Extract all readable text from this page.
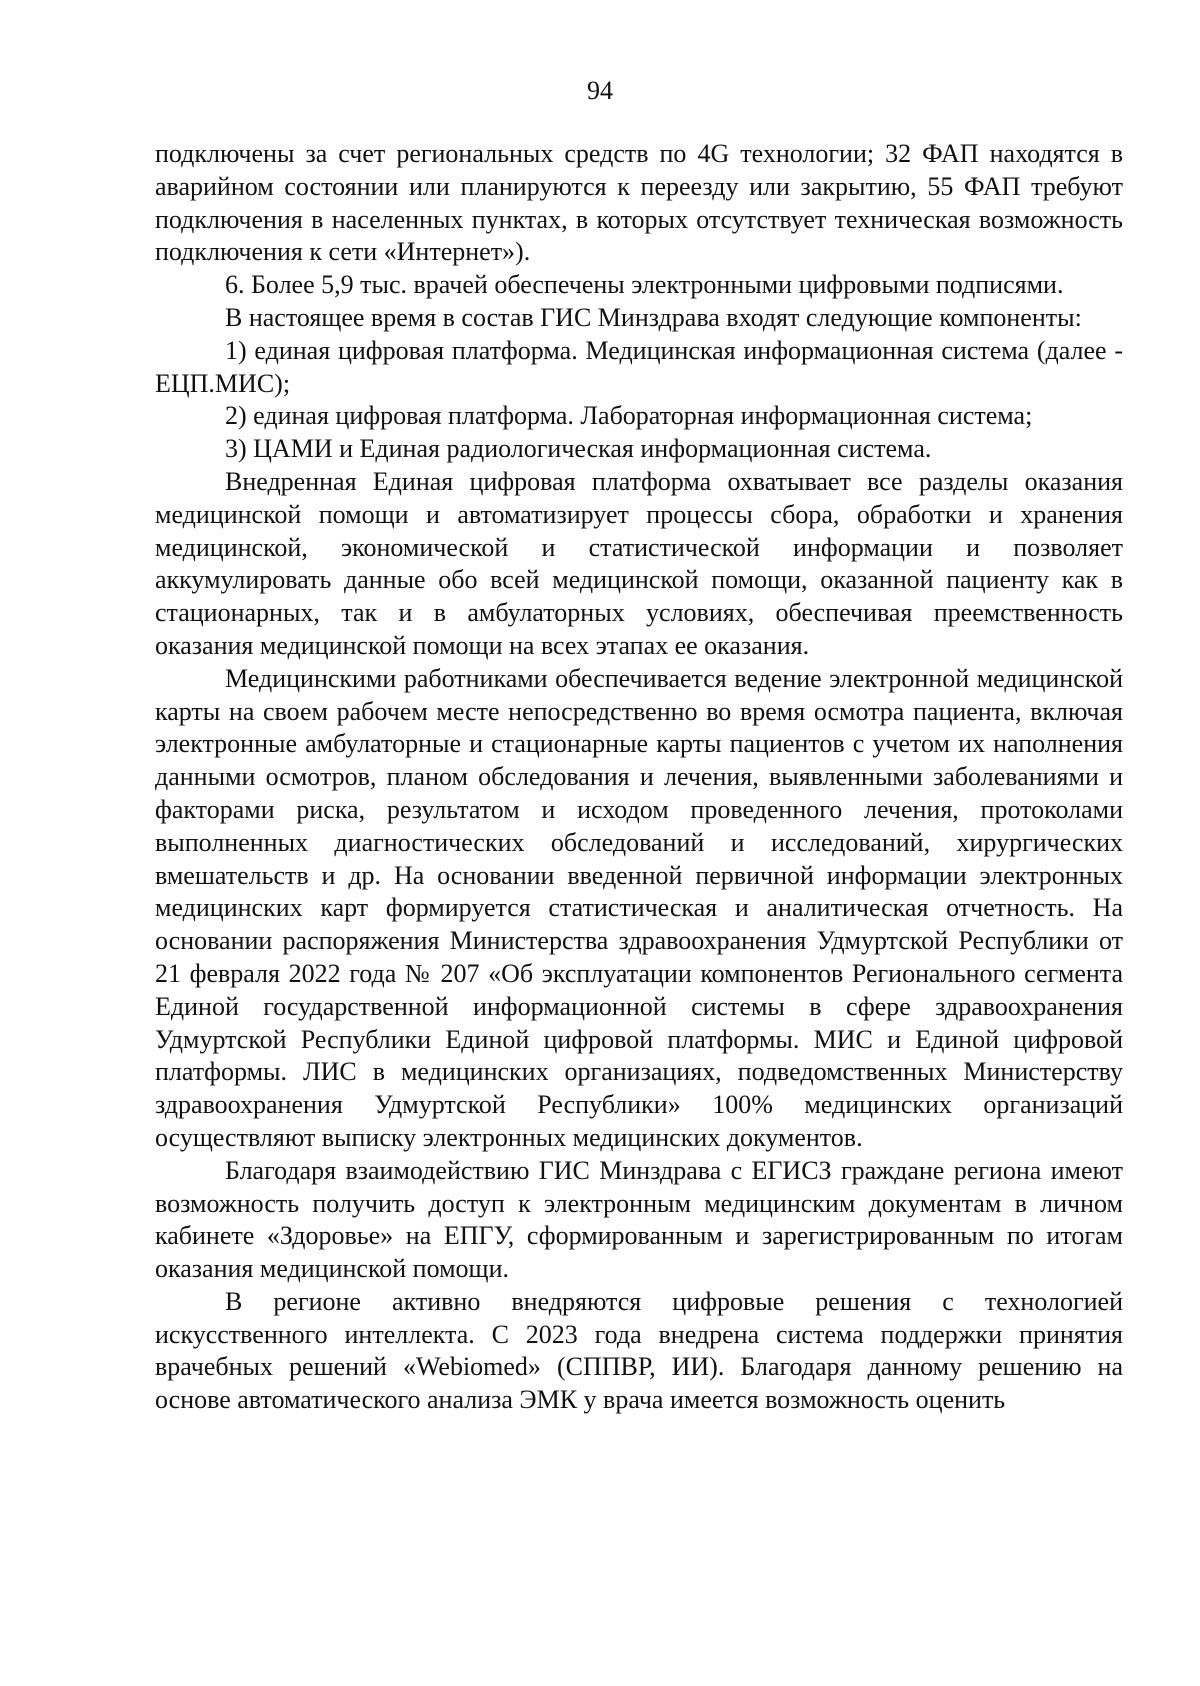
94

подключены за счет региональных средств по 4G технологии; 32 ФАП находятся в аварийном состоянии или планируются к переезду или закрытию, 55 ФАП требуют подключения в населенных пунктах, в которых отсутствует техническая возможность подключения к сети «Интернет»).

6. Более 5,9 тыс. врачей обеспечены электронными цифровыми подписями.

В настоящее время в состав ГИС Минздрава входят следующие компоненты:

1) единая цифровая платформа. Медицинская информационная система (далее - ЕЦП.МИС);

2) единая цифровая платформа. Лабораторная информационная система;

3) ЦАМИ и Единая радиологическая информационная система.

Внедренная Единая цифровая платформа охватывает все разделы оказания медицинской помощи и автоматизирует процессы сбора, обработки и хранения медицинской, экономической и статистической информации и позволяет аккумулировать данные обо всей медицинской помощи, оказанной пациенту как в стационарных, так и в амбулаторных условиях, обеспечивая преемственность оказания медицинской помощи на всех этапах ее оказания.

Медицинскими работниками обеспечивается ведение электронной медицинской карты на своем рабочем месте непосредственно во время осмотра пациента, включая электронные амбулаторные и стационарные карты пациентов с учетом их наполнения данными осмотров, планом обследования и лечения, выявленными заболеваниями и факторами риска, результатом и исходом проведенного лечения, протоколами выполненных диагностических обследований и исследований, хирургических вмешательств и др. На основании введенной первичной информации электронных медицинских карт формируется статистическая и аналитическая отчетность. На основании распоряжения Министерства здравоохранения Удмуртской Республики от 21 февраля 2022 года № 207 «Об эксплуатации компонентов Регионального сегмента Единой государственной информационной системы в сфере здравоохранения Удмуртской Республики Единой цифровой платформы. МИС и Единой цифровой платформы. ЛИС в медицинских организациях, подведомственных Министерству здравоохранения Удмуртской Республики» 100% медицинских организаций осуществляют выписку электронных медицинских документов.

Благодаря взаимодействию ГИС Минздрава с ЕГИСЗ граждане региона имеют возможность получить доступ к электронным медицинским документам в личном кабинете «Здоровье» на ЕПГУ, сформированным и зарегистрированным по итогам оказания медицинской помощи.

В регионе активно внедряются цифровые решения с технологией искусственного интеллекта. С 2023 года внедрена система поддержки принятия врачебных решений «Webiomed» (СППВР, ИИ). Благодаря данному решению на основе автоматического анализа ЭМК у врача имеется возможность оценить
